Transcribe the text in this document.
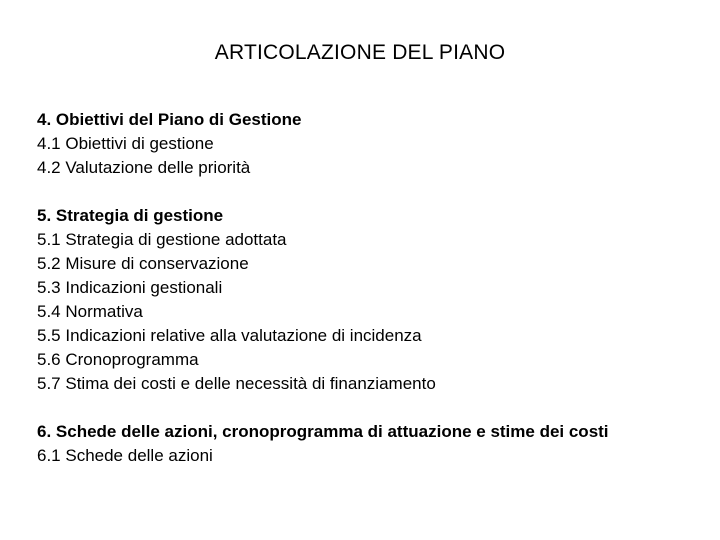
ARTICOLAZIONE DEL PIANO
4. Obiettivi del Piano di Gestione
4.1 Obiettivi di gestione
4.2 Valutazione delle priorità
5. Strategia di gestione
5.1 Strategia di gestione adottata
5.2 Misure di conservazione
5.3 Indicazioni gestionali
5.4 Normativa
5.5 Indicazioni relative alla valutazione di incidenza
5.6 Cronoprogramma
5.7 Stima dei costi e delle necessità di finanziamento
6. Schede delle azioni, cronoprogramma di attuazione e stime dei costi
6.1 Schede delle azioni
